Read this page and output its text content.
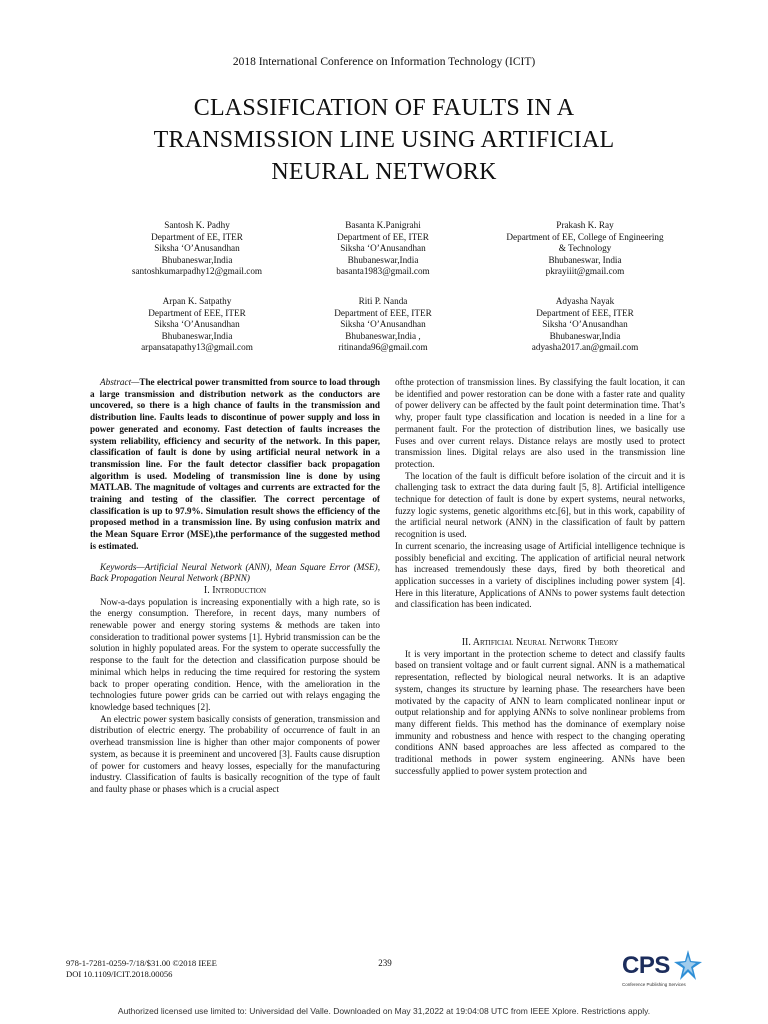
2018 International Conference on Information Technology (ICIT)
CLASSIFICATION OF FAULTS IN A
TRANSMISSION LINE USING ARTIFICIAL
NEURAL NETWORK
Santosh K. Padhy
Department of EE, ITER
Siksha ‘O’Anusandhan
Bhubaneswar,India
santoshkumarpadhy12@gmail.com
Basanta K.Panigrahi
Department of EE, ITER
Siksha ‘O’Anusandhan
Bhubaneswar,India
basanta1983@gmail.com
Prakash K. Ray
Department of EE, College of Engineering
& Technology
Bhubaneswar, India
pkrayiiit@gmail.com
Arpan K. Satpathy
Department of EEE, ITER
Siksha ‘O’Anusandhan
Bhubaneswar,India
arpansatapathy13@gmail.com
Riti P. Nanda
Department of EEE, ITER
Siksha ‘O’Anusandhan
Bhubaneswar,India ,
ritinanda96@gmail.com
Adyasha Nayak
Department of EEE, ITER
Siksha ‘O’Anusandhan
Bhubaneswar,India
adyasha2017.an@gmail.com

Abstract—The electrical power transmitted from source to load through a large transmission and distribution network as the conductors are uncovered, so there is a high chance of faults in the transmission and distribution line. Faults leads to discontinue of power supply and loss in power generated and economy. Fast detection of faults increases the system reliability, efficiency and security of the network. In this paper, classification of fault is done by using artificial neural network in a transmission line. For the fault detector classifier back propagation algorithm is used. Modeling of transmission line is done by using MATLAB. The magnitude of voltages and currents are extracted for the training and testing of the classifier. The correct percentage of classification is up to 97.9%. Simulation result shows the efficiency of the proposed method in a transmission line. By using confusion matrix and the Mean Square Error (MSE),the performance of the suggested method is estimated.

Keywords—Artificial Neural Network (ANN), Mean Square Error (MSE), Back Propagation Neural Network (BPNN)

I. Introduction

Now-a-days population is increasing exponentially with a high rate, so is the energy consumption. Therefore, in recent days, many numbers of renewable power and energy storing systems & methods are taken into consideration to traditional power systems [1]. Hybrid transmission can be the solution in highly populated areas. For the system to operate successfully the response to the fault for the detection and classification purpose should be minimal which helps in reducing the time required for restoring the system back to proper operating condition. Hence, with the amelioration in the technologies future power grids can be carried out with relays engaging the knowledge based techniques [2].

An electric power system basically consists of generation, transmission and distribution of electric energy. The probability of occurrence of fault in an overhead transmission line is higher than other major components of power system, as because it is preeminent and uncovered [3]. Faults cause disruption of power for customers and heavy losses, especially for the manufacturing industry. Classification of faults is basically recognition of the type of fault and faulty phase or phases which is a crucial aspect

ofthe protection of transmission lines. By classifying the fault location, it can be identified and power restoration can be done with a faster rate and quality of power delivery can be affected by the fault point determination time. That’s why, proper fault type classification and location is needed in a line for a permanent fault. For the protection of distribution lines, we basically use Fuses and over current relays. Distance relays are mostly used to protect transmission lines. Digital relays are also used in the transmission line protection.

The location of the fault is difficult before isolation of the circuit and it is challenging task to extract the data during fault [5, 8]. Artificial intelligence technique for detection of fault is done by expert systems, neural networks, fuzzy logic systems, genetic algorithms etc.[6], but in this work, capability of the artificial neural network (ANN) in the classification of fault by pattern recognition is used.

In current scenario, the increasing usage of Artificial intelligence technique is possibly beneficial and exciting. The application of artificial neural network has increased tremendously these days, fired by both theoretical and application successes in a variety of disciplines including power system [4]. Here in this literature, Applications of ANNs to power systems fault detection and classification has been indicated.

II. Artificial Neural Network Theory

It is very important in the protection scheme to detect and classify faults based on transient voltage and or fault current signal. ANN is a mathematical representation, reflected by biological neural networks. It is an adaptive system, changes its structure by learning phase. The researchers have been motivated by the capacity of ANN to learn complicated nonlinear input or output relationship and for applying ANNs to solve nonlinear problems from many different fields. This method has the dominance of exemplary noise immunity and robustness and hence with respect to the changing operating conditions ANN based approaches are less affected as compared to the traditional methods in power system engineering. ANNs have been successfully applied to power system protection and

978-1-7281-0259-7/18/$31.00 ©2018 IEEE
DOI 10.1109/ICIT.2018.00056
239	CPS
Conference Publishing Services
Authorized licensed use limited to: Universidad del Valle. Downloaded on May 31,2022 at 19:04:08 UTC from IEEE Xplore. Restrictions apply.
